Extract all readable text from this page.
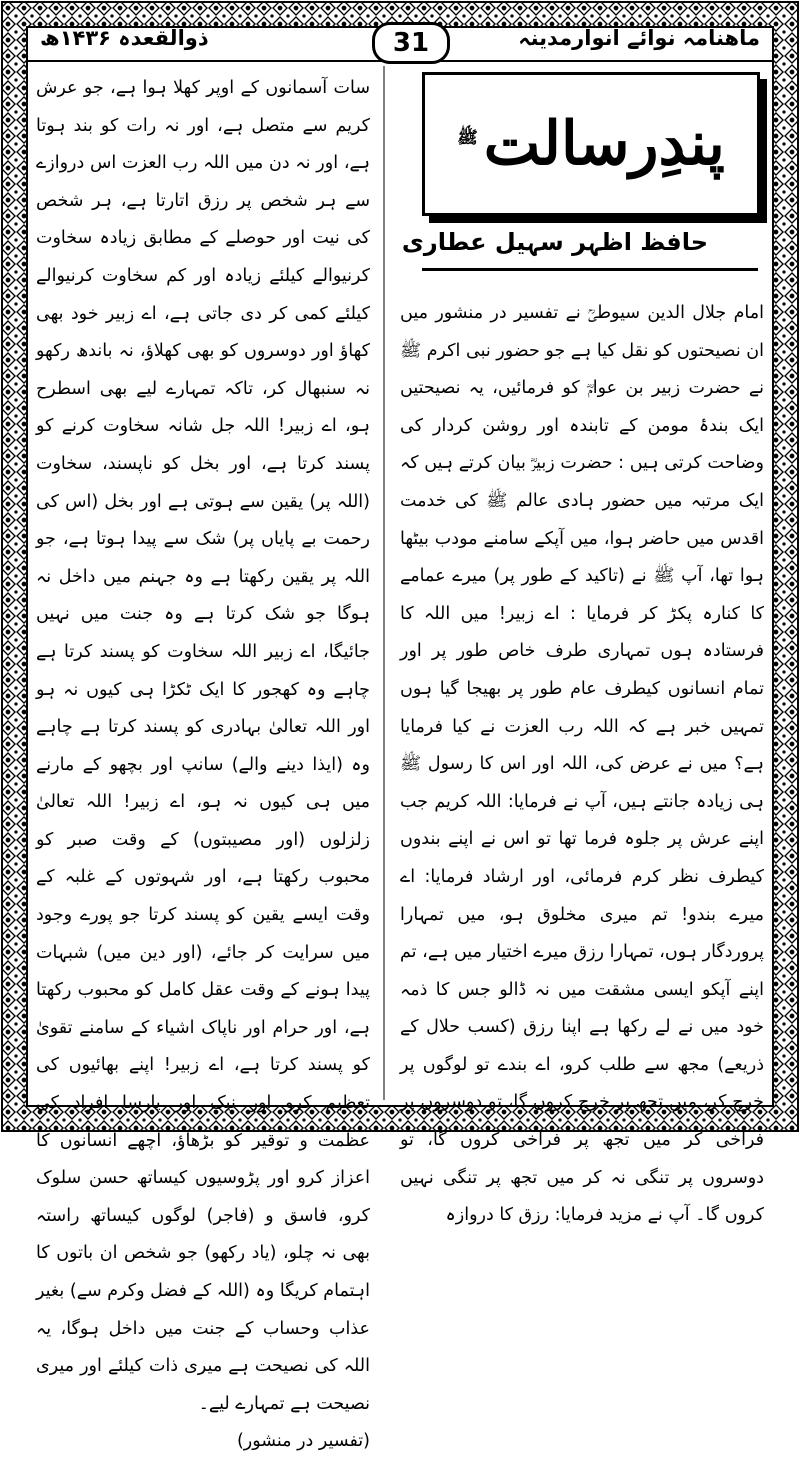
ماھنامہ نوائے انوارمدینہ
31
ذوالقعدہ ۱۴۳۶ھ
پندِرسالت$^ﷺ$
حافظ اظہر سہیل عطاری

امام جلال الدین سیوطیؒ نے تفسیر در منشور میں ان نصیحتوں کو نقل کیا ہے جو حضور نبی اکرم ﷺ نے حضرت زبیر بن عوامؓ کو فرمائیں، یہ نصیحتیں ایک بندۂ مومن کے تابندہ اور روشن کردار کی وضاحت کرتی ہیں : حضرت زبیرؓ بیان کرتے ہیں کہ ایک مرتبہ میں حضور ہادی عالم ﷺ کی خدمت اقدس میں حاضر ہوا، میں آپکے سامنے مودب بیٹھا ہوا تھا، آپ ﷺ نے (تاکید کے طور پر) میرے عمامے کا کنارہ پکڑ کر فرمایا : اے زبیر! میں اللہ کا فرستادہ ہوں تمہاری طرف خاص طور پر اور تمام انسانوں کیطرف عام طور پر بھیجا گیا ہوں تمہیں خبر ہے کہ اللہ رب العزت نے کیا فرمایا ہے؟ میں نے عرض کی، اللہ اور اس کا رسول ﷺ ہی زیادہ جانتے ہیں، آپ نے فرمایا: اللہ کریم جب اپنے عرش پر جلوہ فرما تھا تو اس نے اپنے بندوں کیطرف نظر کرم فرمائی، اور ارشاد فرمایا: اے میرے بندو! تم میری مخلوق ہو، میں تمہارا پروردگار ہوں، تمہارا رزق میرے اختیار میں ہے، تم اپنے آپکو ایسی مشقت میں نہ ڈالو جس کا ذمہ خود میں نے لے رکھا ہے اپنا رزق (کسب حلال کے ذریعے) مجھ سے طلب کرو، اے بندے تو لوگوں پر خرچ کر، میں تجھ پر خرچ کروں گا، تو دوسروں پر فراخی کر میں تجھ پر فراخی کروں گا، تو دوسروں پر تنگی نہ کر میں تجھ پر تنگی نہیں کروں گا۔ آپ نے مزید فرمایا: رزق کا دروازہ

سات آسمانوں کے اوپر کھلا ہوا ہے، جو عرش کریم سے متصل ہے، اور نہ رات کو بند ہوتا ہے، اور نہ دن میں اللہ رب العزت اس دروازے سے ہر شخص پر رزق اتارتا ہے، ہر شخص کی نیت اور حوصلے کے مطابق زیادہ سخاوت کرنیوالے کیلئے زیادہ اور کم سخاوت کرنیوالے کیلئے کمی کر دی جاتی ہے، اے زبیر خود بھی کھاؤ اور دوسروں کو بھی کھلاؤ، نہ باندھ رکھو نہ سنبھال کر، تاکہ تمہارے لیے بھی اسطرح ہو، اے زبیر! اللہ جل شانہ سخاوت کرنے کو پسند کرتا ہے، اور بخل کو ناپسند، سخاوت (اللہ پر) یقین سے ہوتی ہے اور بخل (اس کی رحمت بے پایاں پر) شک سے پیدا ہوتا ہے، جو اللہ پر یقین رکھتا ہے وہ جہنم میں داخل نہ ہوگا جو شک کرتا ہے وہ جنت میں نہیں جائیگا، اے زبیر اللہ سخاوت کو پسند کرتا ہے چاہے وہ کھجور کا ایک ٹکڑا ہی کیوں نہ ہو اور اللہ تعالیٰ بہادری کو پسند کرتا ہے چاہے وہ (ایذا دینے والے) سانپ اور بچھو کے مارنے میں ہی کیوں نہ ہو، اے زبیر! اللہ تعالیٰ زلزلوں (اور مصیبتوں) کے وقت صبر کو محبوب رکھتا ہے، اور شہوتوں کے غلبہ کے وقت ایسے یقین کو پسند کرتا جو پورے وجود میں سرایت کر جائے، (اور دین میں) شبہات پیدا ہونے کے وقت عقل کامل کو محبوب رکھتا ہے، اور حرام اور ناپاک اشیاء کے سامنے تقویٰ کو پسند کرتا ہے، اے زبیر! اپنے بھائیوں کی تعظیم کرو اور نیک اور پارسا افراد کی عظمت و توقیر کو بڑھاؤ، اچھے انسانوں کا اعزاز کرو اور پڑوسیوں کیساتھ حسن سلوک کرو، فاسق و (فاجر) لوگوں کیساتھ راستہ بھی نہ چلو، (یاد رکھو) جو شخص ان باتوں کا اہتمام کریگا وہ (اللہ کے فضل وکرم سے) بغیر عذاب وحساب کے جنت میں داخل ہوگا، یہ اللہ کی نصیحت ہے میری ذات کیلئے اور میری نصیحت ہے تمہارے لیے۔

(تفسیر در منشور)
